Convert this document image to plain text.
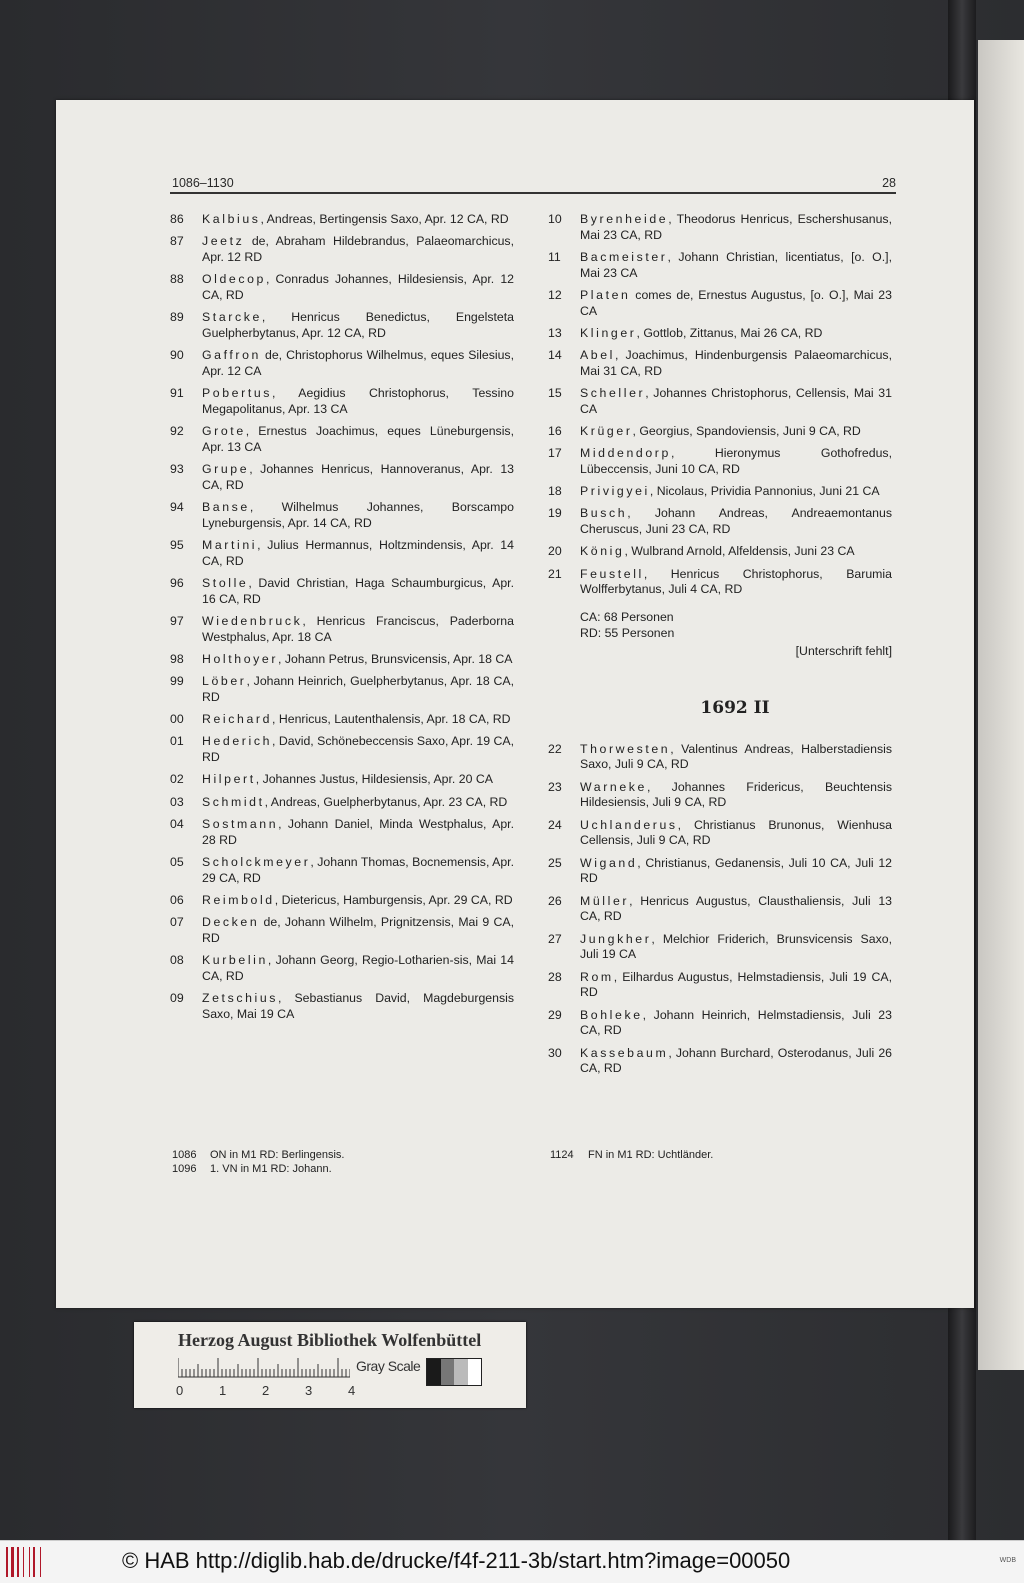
1086–1130	28
86	Kalbius, Andreas, Bertingensis Saxo, Apr. 12 CA, RD
87	Jeetz de, Abraham Hildebrandus, Palaeomarchicus, Apr. 12 RD
88	Oldecop, Conradus Johannes, Hildesiensis, Apr. 12 CA, RD
89	Starcke, Henricus Benedictus, Engelsteta Guelpherbytanus, Apr. 12 CA, RD
90	Gaffron de, Christophorus Wilhelmus, eques Silesius, Apr. 12 CA
91	Pobertus, Aegidius Christophorus, Tessino Megapolitanus, Apr. 13 CA
92	Grote, Ernestus Joachimus, eques Lüneburgensis, Apr. 13 CA
93	Grupe, Johannes Henricus, Hannoveranus, Apr. 13 CA, RD
94	Banse, Wilhelmus Johannes, Borscampo Lyneburgensis, Apr. 14 CA, RD
95	Martini, Julius Hermannus, Holtzmindensis, Apr. 14 CA, RD
96	Stolle, David Christian, Haga Schaumburgicus, Apr. 16 CA, RD
97	Wiedenbruck, Henricus Franciscus, Paderborna Westphalus, Apr. 18 CA
98	Holthoyer, Johann Petrus, Brunsvicensis, Apr. 18 CA
99	Löber, Johann Heinrich, Guelpherbytanus, Apr. 18 CA, RD
00	Reichard, Henricus, Lautenthalensis, Apr. 18 CA, RD
01	Hederich, David, Schönebeccensis Saxo, Apr. 19 CA, RD
02	Hilpert, Johannes Justus, Hildesiensis, Apr. 20 CA
03	Schmidt, Andreas, Guelpherbytanus, Apr. 23 CA, RD
04	Sostmann, Johann Daniel, Minda Westphalus, Apr. 28 RD
05	Scholckmeyer, Johann Thomas, Bocnemensis, Apr. 29 CA, RD
06	Reimbold, Dietericus, Hamburgensis, Apr. 29 CA, RD
07	Decken de, Johann Wilhelm, Prignitzensis, Mai 9 CA, RD
08	Kurbelin, Johann Georg, Regio-Lotharien-sis, Mai 14 CA, RD
09	Zetschius, Sebastianus David, Magdeburgensis Saxo, Mai 19 CA
10	Byrenheide, Theodorus Henricus, Eschershusanus, Mai 23 CA, RD
11	Bacmeister, Johann Christian, licentiatus, [o. O.], Mai 23 CA
12	Platen comes de, Ernestus Augustus, [o. O.], Mai 23 CA
13	Klinger, Gottlob, Zittanus, Mai 26 CA, RD
14	Abel, Joachimus, Hindenburgensis Palaeomarchicus, Mai 31 CA, RD
15	Scheller, Johannes Christophorus, Cellensis, Mai 31 CA
16	Krüger, Georgius, Spandoviensis, Juni 9 CA, RD
17	Middendorp, Hieronymus Gothofredus, Lübeccensis, Juni 10 CA, RD
18	Privigyei, Nicolaus, Prividia Pannonius, Juni 21 CA
19	Busch, Johann Andreas, Andreaemontanus Cheruscus, Juni 23 CA, RD
20	König, Wulbrand Arnold, Alfeldensis, Juni 23 CA
21	Feustell, Henricus Christophorus, Barumia Wolfferbytanus, Juli 4 CA, RD
CA: 68 Personen
RD: 55 Personen
[Unterschrift fehlt]
1692 II
22	Thorwesten, Valentinus Andreas, Halberstadiensis Saxo, Juli 9 CA, RD
23	Warneke, Johannes Fridericus, Beuchtensis Hildesiensis, Juli 9 CA, RD
24	Uchlanderus, Christianus Brunonus, Wienhusa Cellensis, Juli 9 CA, RD
25	Wigand, Christianus, Gedanensis, Juli 10 CA, Juli 12 RD
26	Müller, Henricus Augustus, Clausthaliensis, Juli 13 CA, RD
27	Jungkher, Melchior Friderich, Brunsvicensis Saxo, Juli 19 CA
28	Rom, Eilhardus Augustus, Helmstadiensis, Juli 19 CA, RD
29	Bohleke, Johann Heinrich, Helmstadiensis, Juli 23 CA, RD
30	Kassebaum, Johann Burchard, Osterodanus, Juli 26 CA, RD
1086 ON in M1 RD: Berlingensis.
1096 1. VN in M1 RD: Johann.
1124 FN in M1 RD: Uchtländer.
Herzog August Bibliothek Wolfenbüttel
Gray Scale
0	1	2	3	4
© HAB http://diglib.hab.de/drucke/f4f-211-3b/start.htm?image=00050	WDB
